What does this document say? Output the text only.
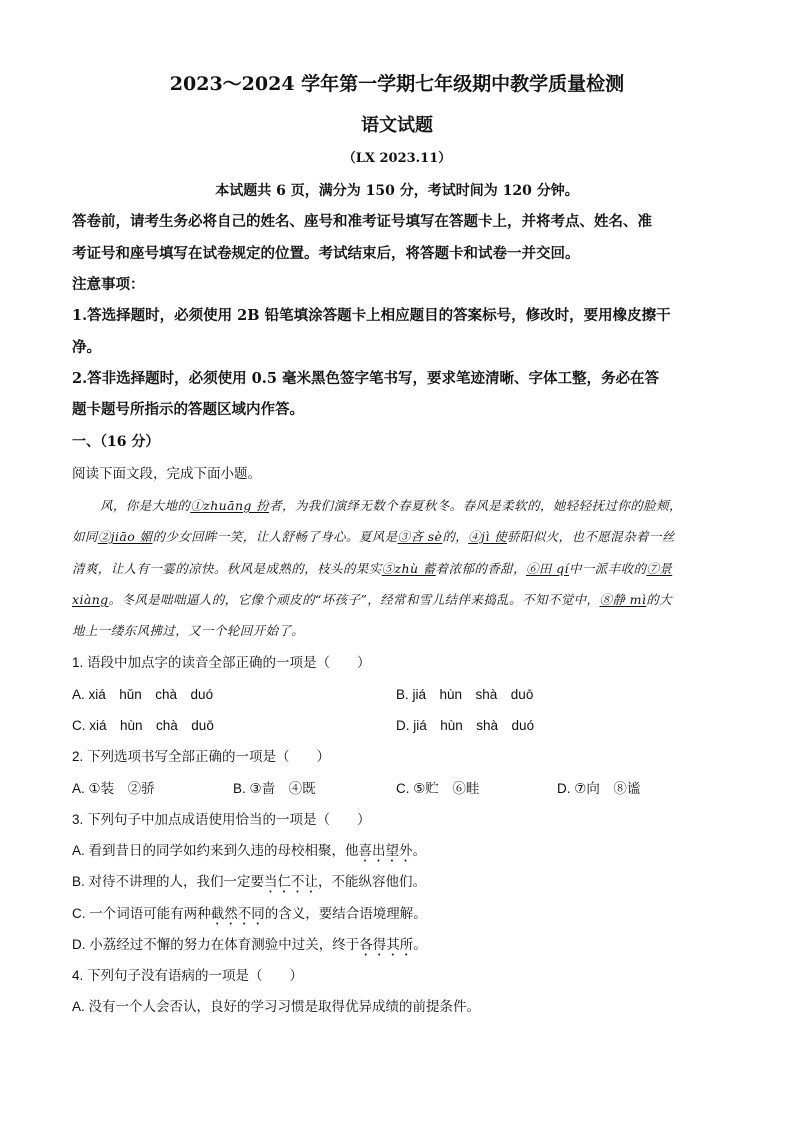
2023～2024 学年第一学期七年级期中教学质量检测
语文试题
（LX 2023.11）
本试题共 6 页，满分为 150 分，考试时间为 120 分钟。
答卷前，请考生务必将自己的姓名、座号和准考证号填写在答题卡上，并将考点、姓名、准
考证号和座号填写在试卷规定的位置。考试结束后，将答题卡和试卷一并交回。
注意事项：
1.答选择题时，必须使用 2B 铅笔填涂答题卡上相应题目的答案标号，修改时，要用橡皮擦干
净。
2.答非选择题时，必须使用 0.5 毫米黑色签字笔书写，要求笔迹清晰、字体工整，务必在答
题卡题号所指示的答题区域内作答。
一、（16 分）
阅读下面文段，完成下面小题。
风，你是大地的①zhuāng 扮者，为我们演绎无数个春夏秋冬。春风是柔软的，她轻轻抚过你的脸颊，
如同②jiāo 媚的少女回眸一笑，让人舒畅了身心。夏风是③吝 sè的，④jì 使骄阳似火，也不愿混杂着一丝
清爽，让人有一霎的凉快。秋风是成熟的，枝头的果实⑤zhù 蓄着浓郁的香甜，⑥田 qí中一派丰收的⑦景
xiàng。冬风是咄咄逼人的，它像个顽皮的“坏孩子”，经常和雪儿结伴来捣乱。不知不觉中，⑧静 mì的大
地上一缕东风拂过，又一个轮回开始了。
1. 语段中加点字的读音全部正确的一项是（　　）
A. xiá　hǔn　chà　duó	B. jiá　hùn　shà　duō
C. xiá　hùn　chà　duō	D. jiá　hùn　shà　duó
2. 下列选项书写全部正确的一项是（　　）
A. ①装　②骄	B. ③啬　④既	C. ⑤贮　⑥畦	D. ⑦向　⑧谧
3. 下列句子中加点成语使用恰当的一项是（　　）
A. 看到昔日的同学如约来到久违的母校相聚，他喜出望外。
B. 对待不讲理的人，我们一定要当仁不让，不能纵容他们。
C. 一个词语可能有两种截然不同的含义，要结合语境理解。
D. 小荔经过不懈的努力在体育测验中过关，终于各得其所。
4. 下列句子没有语病的一项是（　　）
A. 没有一个人会否认，良好的学习习惯是取得优异成绩的前提条件。
